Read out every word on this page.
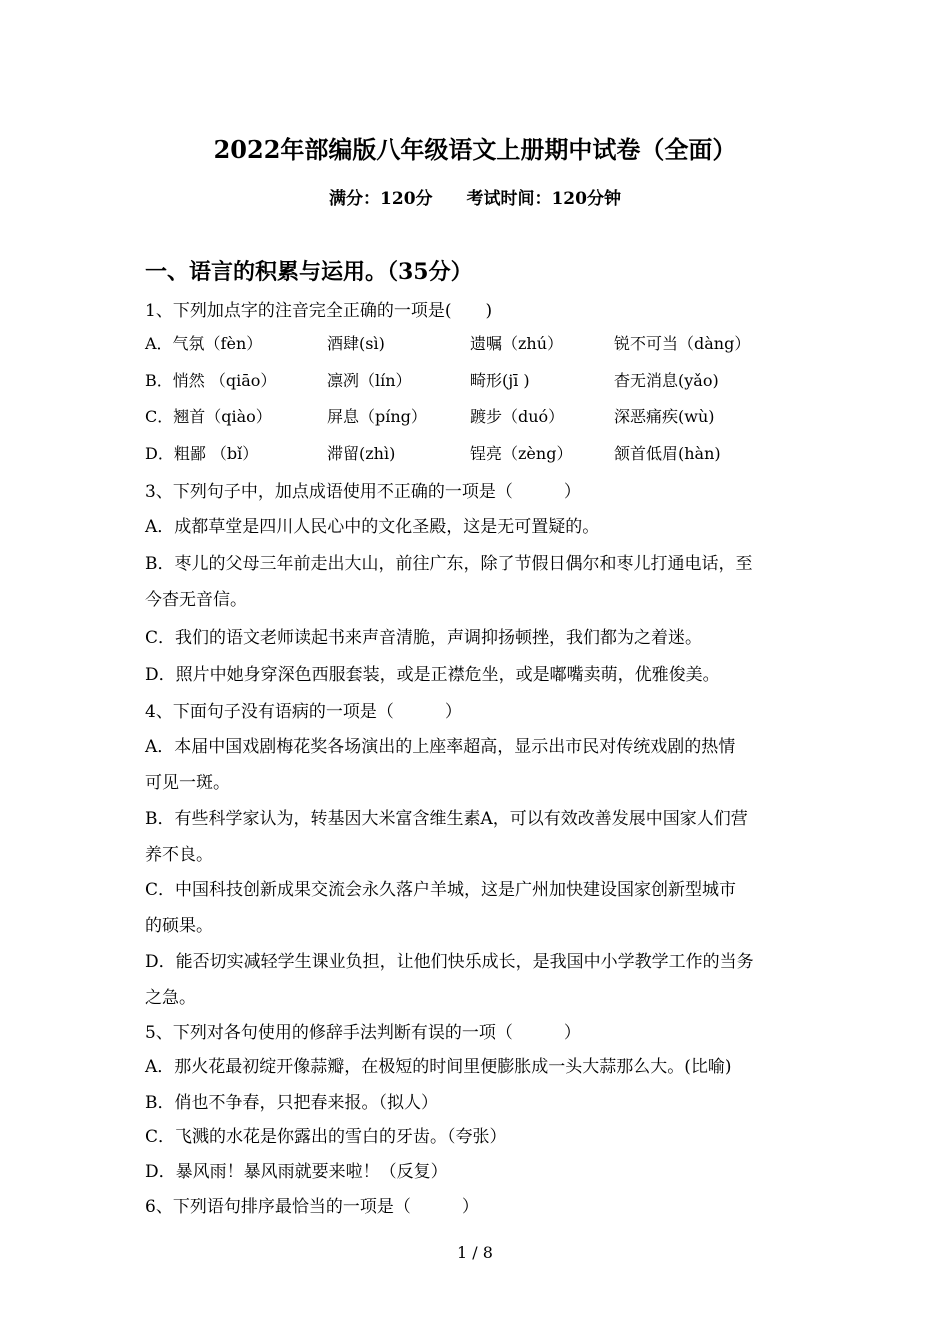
2022年部编版八年级语文上册期中试卷（全面）
满分：120分 考试时间：120分钟
一、语言的积累与运用。（35分）
1、下列加点字的注音完全正确的一项是(　　)
A．气氛（fèn）	酒肆(sì)	遗嘱（zhú）	锐不可当（dàng）
B．悄然 （qiāo）	凛冽（lín）	畸形(jī )	杳无消息(yǎo)
C．翘首（qiào）	屏息（píng）	踱步（duó）	深恶痛疾(wù)
D．粗鄙 （bǐ）	滞留(zhì)	锃亮（zèng）	颔首低眉(hàn)
3、下列句子中，加点成语使用不正确的一项是（　　　）
A．成都草堂是四川人民心中的文化圣殿，这是无可置疑的。
B．枣儿的父母三年前走出大山，前往广东，除了节假日偶尔和枣儿打通电话，至
今杳无音信。
C．我们的语文老师读起书来声音清脆，声调抑扬顿挫，我们都为之着迷。
D．照片中她身穿深色西服套装，或是正襟危坐，或是嘟嘴卖萌，优雅俊美。
4、下面句子没有语病的一项是（　　　）
A．本届中国戏剧梅花奖各场演出的上座率超高，显示出市民对传统戏剧的热情
可见一斑。
B．有些科学家认为，转基因大米富含维生素A，可以有效改善发展中国家人们营
养不良。
C．中国科技创新成果交流会永久落户羊城，这是广州加快建设国家创新型城市
的硕果。
D．能否切实减轻学生课业负担，让他们快乐成长，是我国中小学教学工作的当务
之急。
5、下列对各句使用的修辞手法判断有误的一项（　　　）
A．那火花最初绽开像蒜瓣，在极短的时间里便膨胀成一头大蒜那么大。(比喻)
B．俏也不争春，只把春来报。（拟人）
C．飞溅的水花是你露出的雪白的牙齿。（夸张）
D．暴风雨！暴风雨就要来啦！（反复）
6、下列语句排序最恰当的一项是（　　　）
1 / 8
